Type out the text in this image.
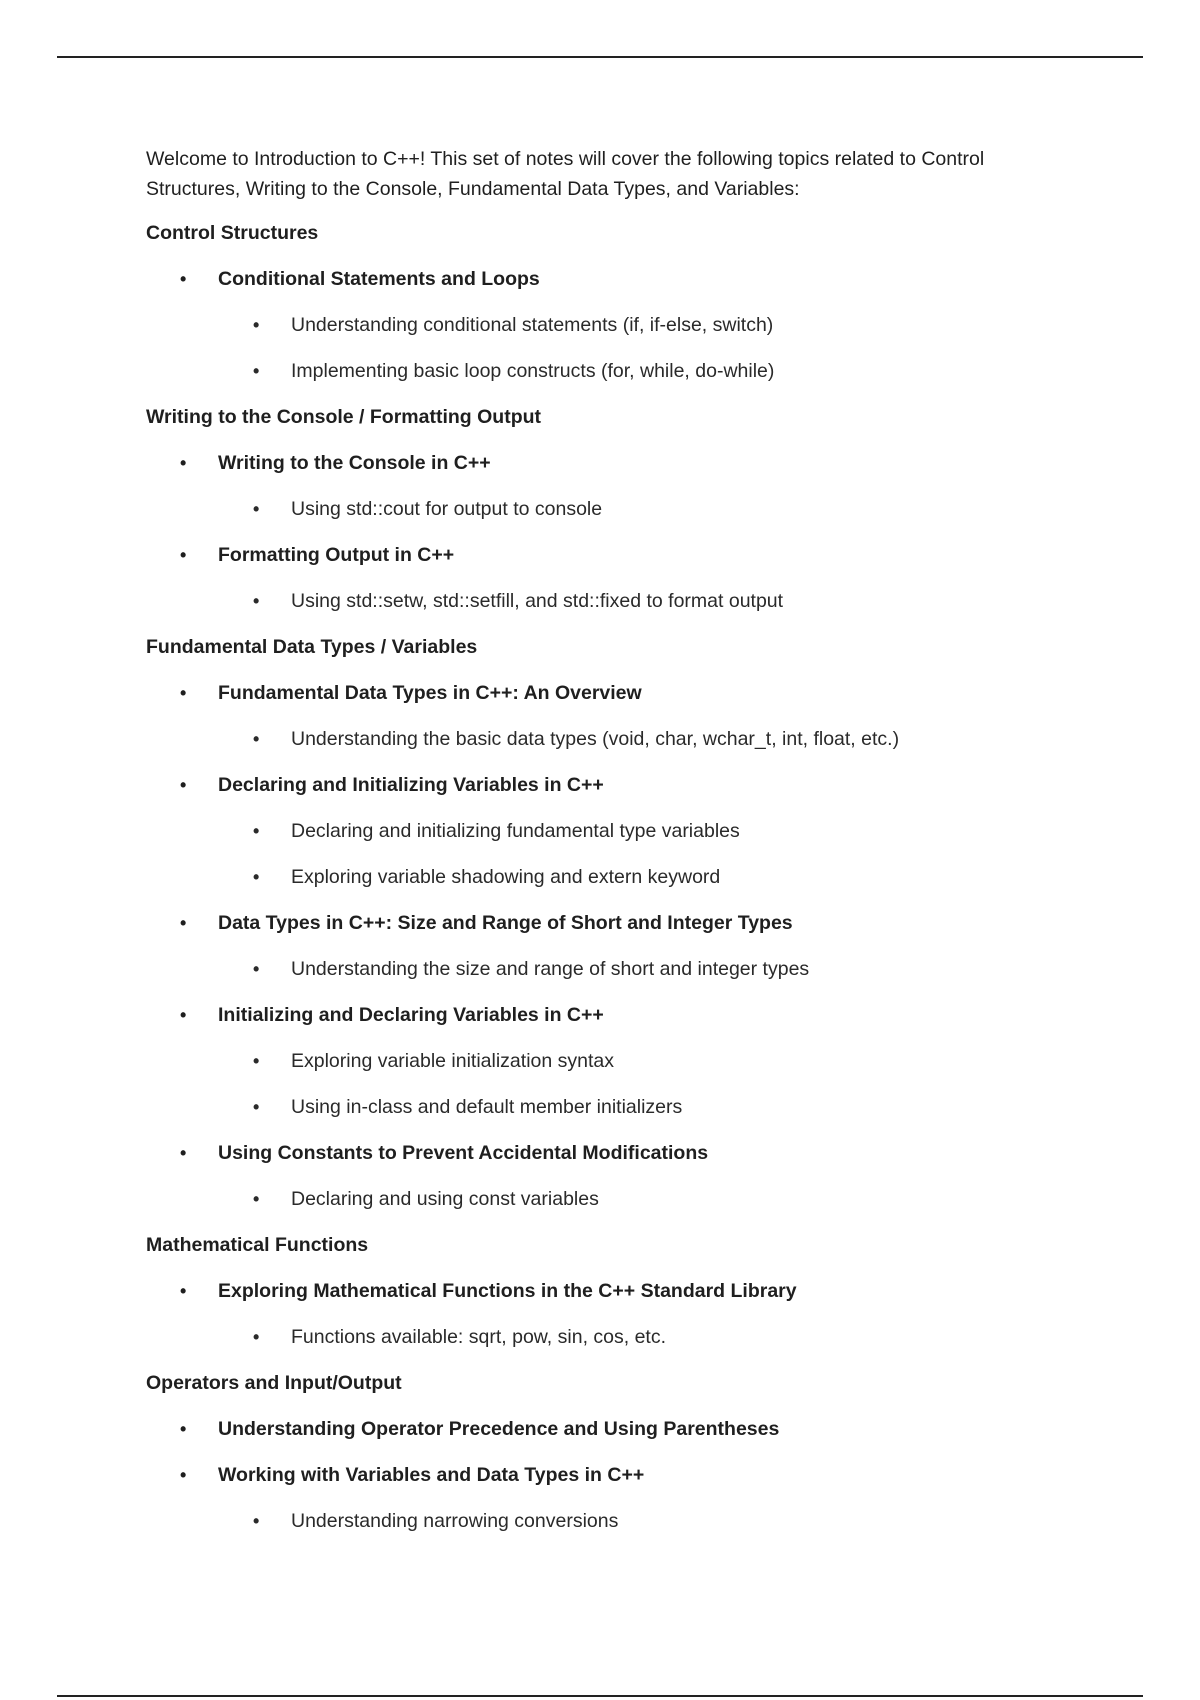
Welcome to Introduction to C++! This set of notes will cover the following topics related to Control Structures, Writing to the Console, Fundamental Data Types, and Variables:

Control Structures
• Conditional Statements and Loops
• Understanding conditional statements (if, if-else, switch)
• Implementing basic loop constructs (for, while, do-while)
Writing to the Console / Formatting Output
• Writing to the Console in C++
• Using std::cout for output to console
• Formatting Output in C++
• Using std::setw, std::setfill, and std::fixed to format output
Fundamental Data Types / Variables
• Fundamental Data Types in C++: An Overview
• Understanding the basic data types (void, char, wchar_t, int, float, etc.)
• Declaring and Initializing Variables in C++
• Declaring and initializing fundamental type variables
• Exploring variable shadowing and extern keyword
• Data Types in C++: Size and Range of Short and Integer Types
• Understanding the size and range of short and integer types
• Initializing and Declaring Variables in C++
• Exploring variable initialization syntax
• Using in-class and default member initializers
• Using Constants to Prevent Accidental Modifications
• Declaring and using const variables
Mathematical Functions
• Exploring Mathematical Functions in the C++ Standard Library
• Functions available: sqrt, pow, sin, cos, etc.
Operators and Input/Output
• Understanding Operator Precedence and Using Parentheses
• Working with Variables and Data Types in C++
• Understanding narrowing conversions
